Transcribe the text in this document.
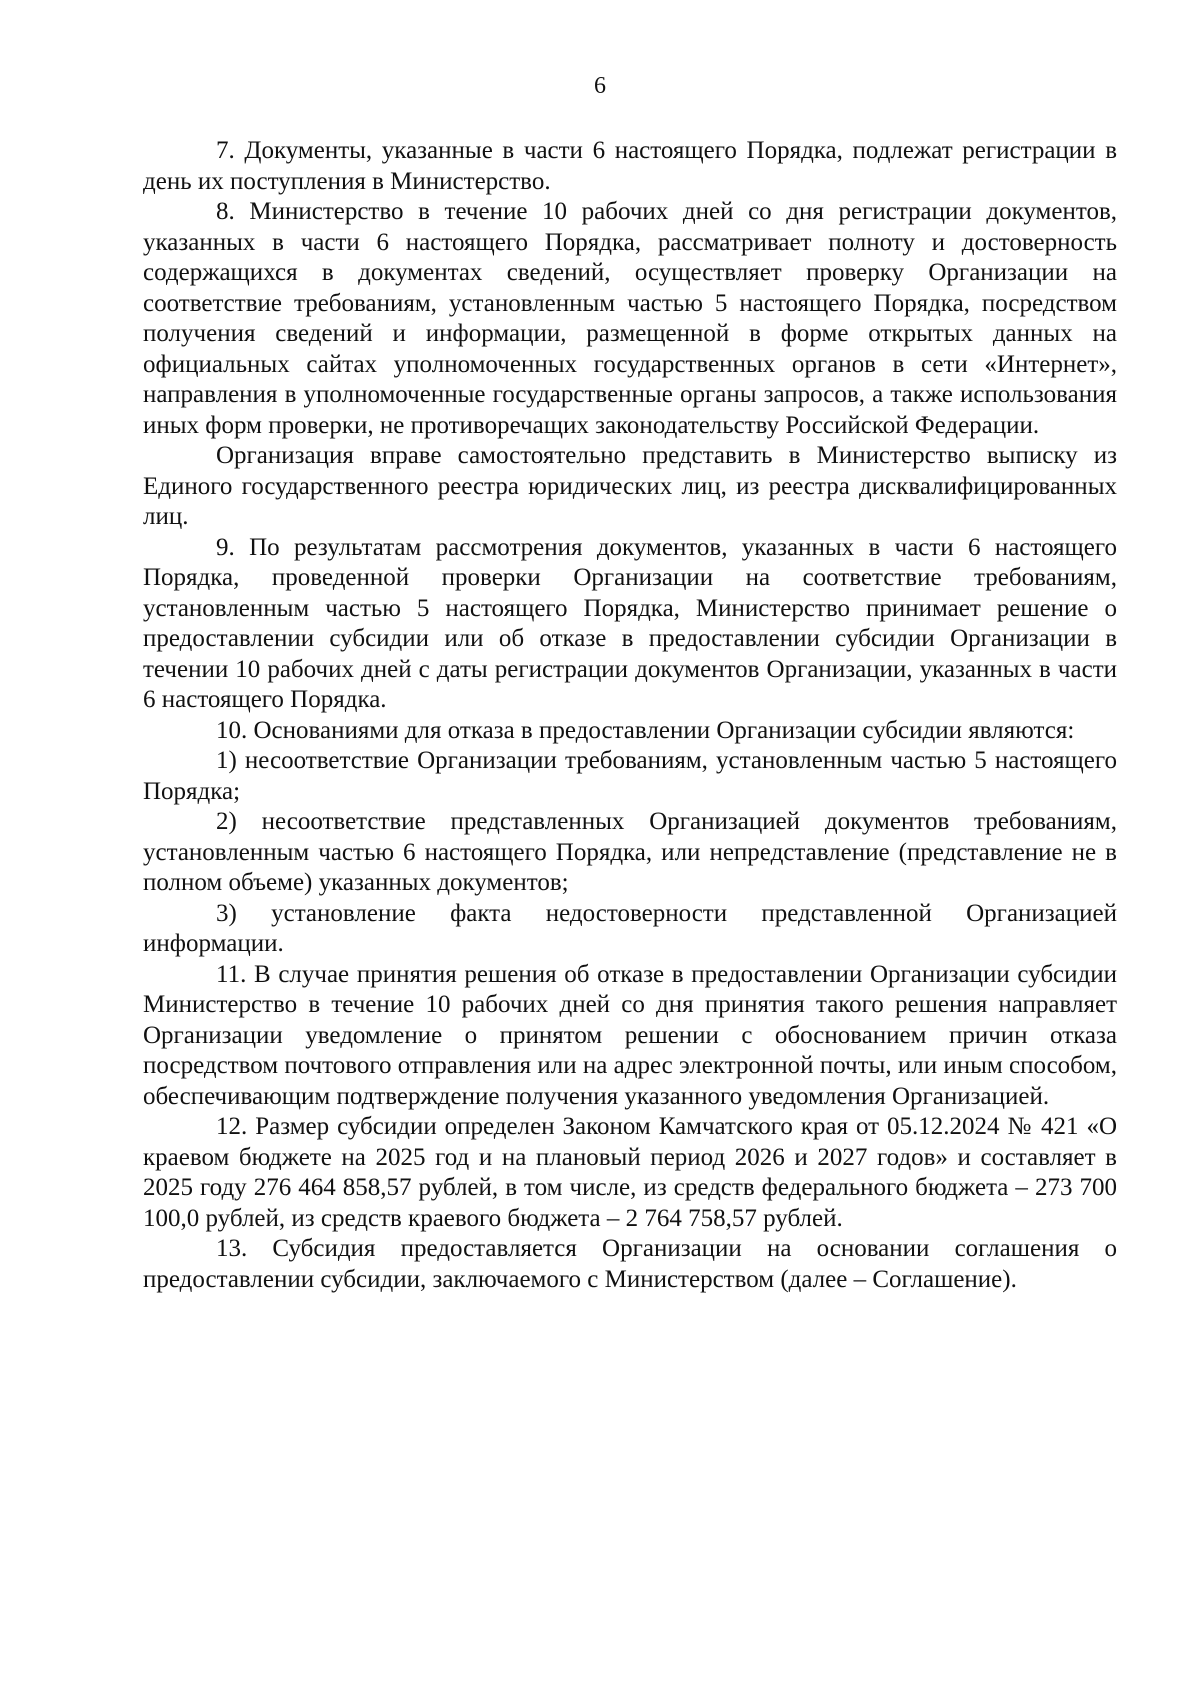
6

7. Документы, указанные в части 6 настоящего Порядка, подлежат регистрации в день их поступления в Министерство.

8. Министерство в течение 10 рабочих дней со дня регистрации документов, указанных в части 6 настоящего Порядка, рассматривает полноту и достоверность содержащихся в документах сведений, осуществляет проверку Организации на соответствие требованиям, установленным частью 5 настоящего Порядка, посредством получения сведений и информации, размещенной в форме открытых данных на официальных сайтах уполномоченных государственных органов в сети «Интернет», направления в уполномоченные государственные органы запросов, а также использования иных форм проверки, не противоречащих законодательству Российской Федерации.

Организация вправе самостоятельно представить в Министерство выписку из Единого государственного реестра юридических лиц, из реестра дисквалифицированных лиц.

9. По результатам рассмотрения документов, указанных в части 6 настоящего Порядка, проведенной проверки Организации на соответствие требованиям, установленным частью 5 настоящего Порядка, Министерство принимает решение о предоставлении субсидии или об отказе в предоставлении субсидии Организации в течении 10 рабочих дней с даты регистрации документов Организации, указанных в части 6 настоящего Порядка.

10. Основаниями для отказа в предоставлении Организации субсидии являются:

1) несоответствие Организации требованиям, установленным частью 5 настоящего Порядка;

2) несоответствие представленных Организацией документов требованиям, установленным частью 6 настоящего Порядка, или непредставление (представление не в полном объеме) указанных документов;

3) установление факта недостоверности представленной Организацией информации.

11. В случае принятия решения об отказе в предоставлении Организации субсидии Министерство в течение 10 рабочих дней со дня принятия такого решения направляет Организации уведомление о принятом решении с обоснованием причин отказа посредством почтового отправления или на адрес электронной почты, или иным способом, обеспечивающим подтверждение получения указанного уведомления Организацией.

12. Размер субсидии определен Законом Камчатского края от 05.12.2024 № 421 «О краевом бюджете на 2025 год и на плановый период 2026 и 2027 годов» и составляет в 2025 году 276 464 858,57 рублей, в том числе, из средств федерального бюджета – 273 700 100,0 рублей, из средств краевого бюджета – 2 764 758,57 рублей.

13. Субсидия предоставляется Организации на основании соглашения о предоставлении субсидии, заключаемого с Министерством (далее – Соглашение).
